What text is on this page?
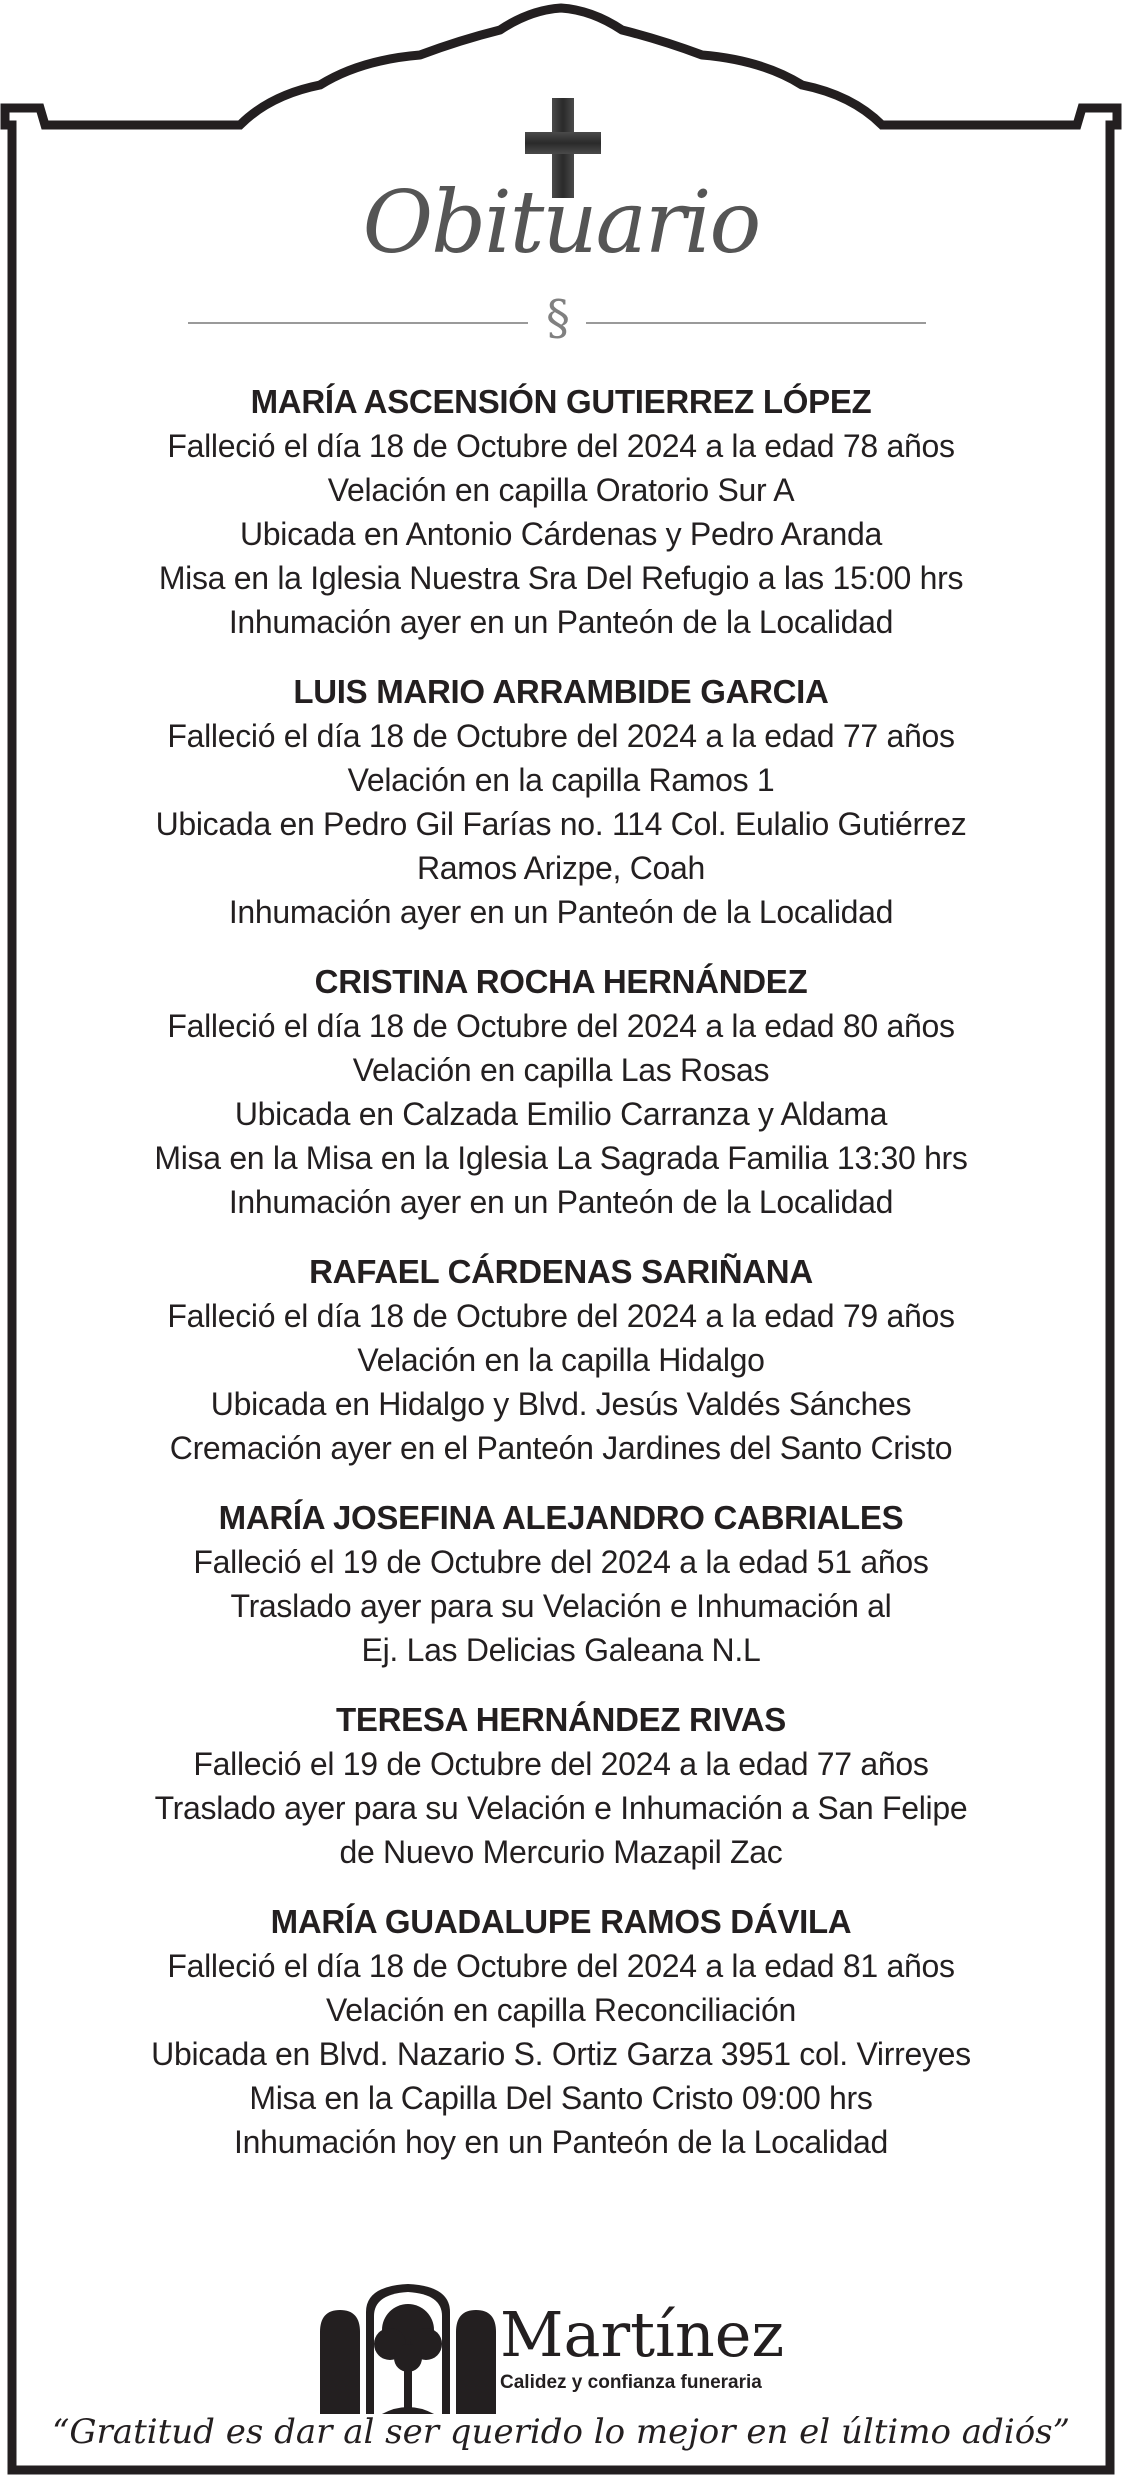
Obituario
§
MARÍA ASCENSIÓN GUTIERREZ LÓPEZ
Falleció el día 18 de Octubre del 2024 a la edad 78 años
Velación en capilla Oratorio Sur A
Ubicada en Antonio Cárdenas y Pedro Aranda
Misa en la Iglesia Nuestra Sra Del Refugio a las 15:00 hrs
Inhumación ayer en un Panteón de la Localidad
LUIS MARIO ARRAMBIDE GARCIA
Falleció el día 18 de Octubre del 2024 a la edad 77 años
Velación en la capilla Ramos 1
Ubicada en Pedro Gil Farías no. 114 Col. Eulalio Gutiérrez
Ramos Arizpe, Coah
Inhumación ayer en un Panteón de la Localidad
CRISTINA ROCHA HERNÁNDEZ
Falleció el día 18 de Octubre del 2024 a la edad 80 años
Velación en capilla Las Rosas
Ubicada en Calzada Emilio Carranza y Aldama
Misa en la Misa en la Iglesia La Sagrada Familia 13:30 hrs
Inhumación ayer en un Panteón de la Localidad
RAFAEL CÁRDENAS SARIÑANA
Falleció el día 18 de Octubre del 2024 a la edad 79 años
Velación en la capilla Hidalgo
Ubicada en Hidalgo y Blvd. Jesús Valdés Sánches
Cremación ayer en el Panteón Jardines del Santo Cristo
MARÍA JOSEFINA ALEJANDRO CABRIALES
Falleció el 19 de Octubre del 2024 a la edad 51 años
Traslado ayer para su Velación e Inhumación al
Ej. Las Delicias Galeana N.L
TERESA HERNÁNDEZ RIVAS
Falleció el 19 de Octubre del 2024 a la edad 77 años
Traslado ayer para su Velación e Inhumación a San Felipe
de Nuevo Mercurio Mazapil Zac
MARÍA GUADALUPE RAMOS DÁVILA
Falleció el día 18 de Octubre del 2024 a la edad 81 años
Velación en capilla Reconciliación
Ubicada en Blvd. Nazario S. Ortiz Garza 3951 col. Virreyes
Misa en la Capilla Del Santo Cristo 09:00 hrs
Inhumación hoy en un Panteón de la Localidad
Martínez
Calidez y confianza funeraria
“Gratitud es dar al ser querido lo mejor en el último adiós”
